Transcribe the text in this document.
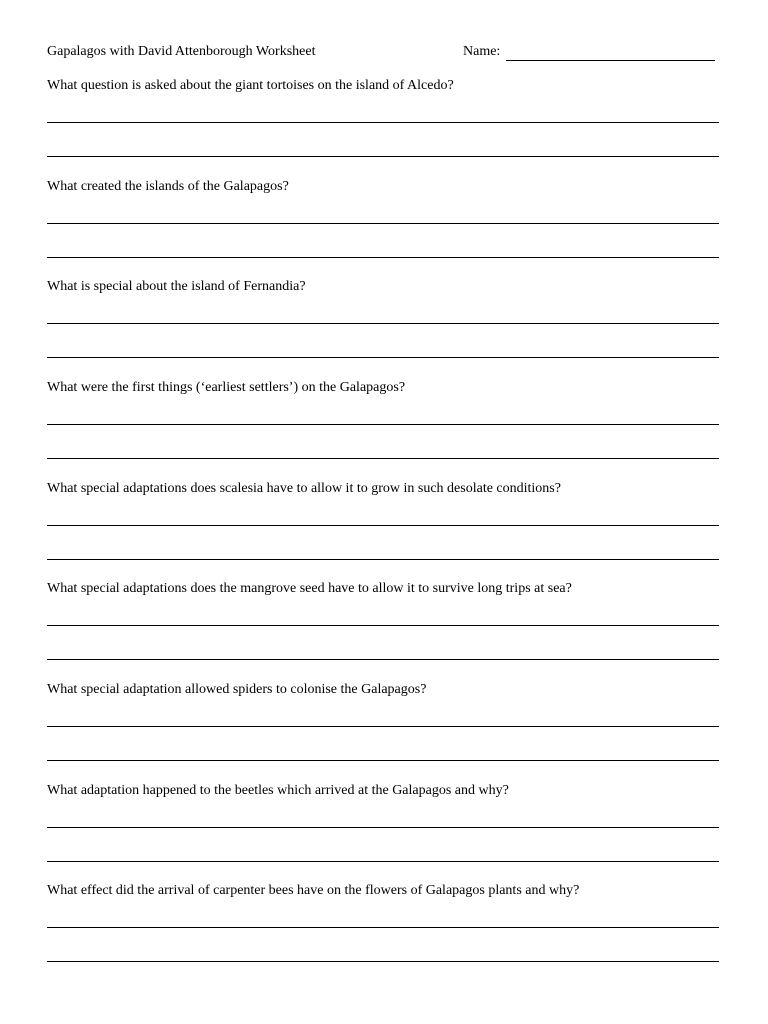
Gapalagos with David Attenborough Worksheet	Name:
What question is asked about the giant tortoises on the island of Alcedo?
What created the islands of the Galapagos?
What is special about the island of Fernandia?
What were the first things (‘earliest settlers’) on the Galapagos?
What special adaptations does scalesia have to allow it to grow in such desolate conditions?
What special adaptations does the mangrove seed have to allow it to survive long trips at sea?
What special adaptation allowed spiders to colonise the Galapagos?
What adaptation happened to the beetles which arrived at the Galapagos and why?
What effect did the arrival of carpenter bees have on the flowers of Galapagos plants and why?
